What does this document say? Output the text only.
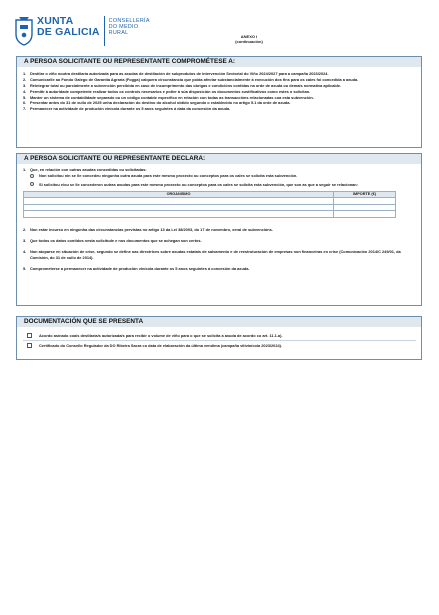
XUNTA
DE GALICIA
CONSELLERÍA
DO MEDIO
RURAL
ANEXO I
(continuación)
A PERSOA SOLICITANTE OU REPRESENTANTE COMPROMÉTESE A:
1. Destilar o viño noutra destilaría autorizada para as axudas de destilación de subprodutos de intervención Sectorial do Viño 2024/2027 para a campaña 2023/2024.
2. Comunicarlle ao Fondo Galego de Garantía Agraria (Fogga) calquera circunstancia que poida afectar substancialmente á execución dos fins para os cales foi concedida a axuda.
3. Reintegrar total ou parcialmente a subvención percibida en caso de incumprimento das obrigas e condicións contidas na orde de axuda ou demais normativa aplicable.
4. Permitir á autoridade competente realizar todos os controis necesarios e poñer á súa disposición os documentos xustificativos como estes o solicitan.
5. Manter un sistema de contabilidade separado ou un código contable específico en relación con todas as transaccións relacionadas coa esta subvención.
6. Presentar antes do 31 de xullo de 2025 unha declaración do destino do alcohol obtido segundo o establecido no artigo 5.1 da orde de axuda.
7. Permanecer na actividade de produción vinícola durante os 5 anos seguintes á data da concesión da axuda.
A PERSOA SOLICITANTE OU REPRESENTANTE DECLARA:
1. Que, en relación con outras axudas concedidas ou solicitadas:
Non solicitou nin se lle concedeu ningunha outra axuda para este mesmo proxecto ou conceptos para os cales se solicita esta subvención.
Si solicitou e/ou se lle concederon outras axudas para este mesmo proxecto ou conceptos para os cales se solicita esta subvención, que son as que a seguir se relacionan:
ORGANISMO	IMPORTE (€)

2. Non estar incurso en ningunha das circunstancias previstas no artigo 13 da Lei 38/2003, do 17 de novembro, xeral de subvencións.
3. Que todos os datos contidos nesta solicitude e nos documentos que se achegan son certos.
4. Non atoparse en situación de crise, segundo se define nas directrices sobre axudas estatais de salvamento e de reestruturación de empresas non financeiras en crise (Comunicación 2014/C 249/01, da Comisión, do 31 de xullo de 2014).
5. Comprometerse a permanecer na actividade de produción vinícola durante os 5 anos seguintes á concesión da axuda.
DOCUMENTACIÓN QUE SE PRESENTA
Acordo asinado coa/s destilaría/s autorizada/s para recibir o volume de viño para o que se solicita a axuda de acordo co art. 11.1.a).
Certificado do Consello Regulador da DO Ribeira Sacra co data de elaboración da última vendima (campaña vitivinícola 2023/2024).
